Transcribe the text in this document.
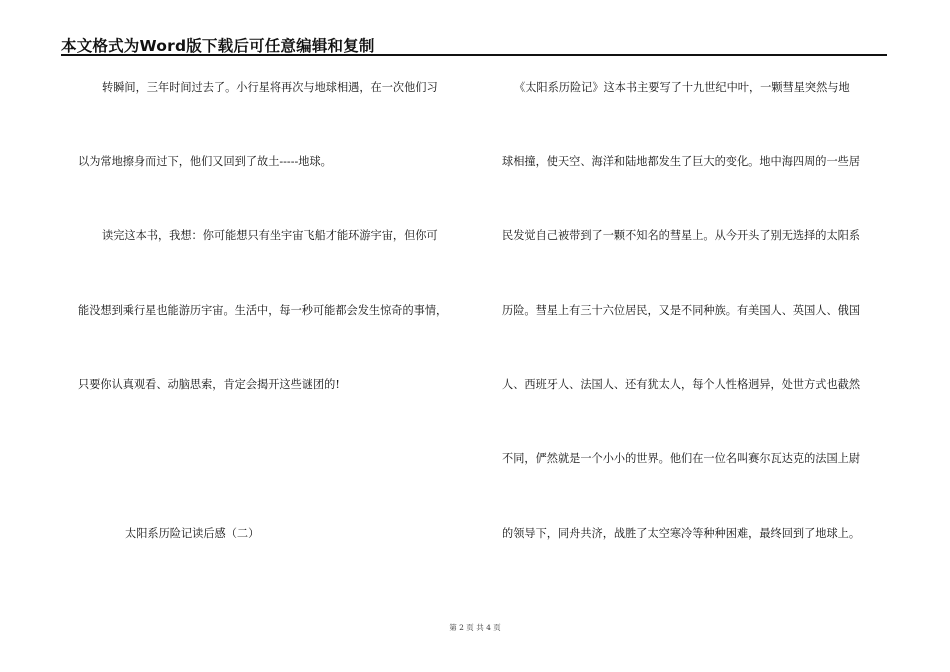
本文格式为Word版下载后可任意编辑和复制
转瞬间，三年时间过去了。小行星将再次与地球相遇，在一次他们习
以为常地擦身而过下，他们又回到了故土-----地球。
读完这本书，我想：你可能想只有坐宇宙飞船才能环游宇宙，但你可
能没想到乘行星也能游历宇宙。生活中，每一秒可能都会发生惊奇的事情，
只要你认真观看、动脑思索，肯定会揭开这些谜团的!
太阳系历险记读后感（二）
《太阳系历险记》这本书主要写了十九世纪中叶，一颗彗星突然与地
球相撞，使天空、海洋和陆地都发生了巨大的变化。地中海四周的一些居
民发觉自己被带到了一颗不知名的彗星上。从今开头了别无选择的太阳系
历险。彗星上有三十六位居民，又是不同种族。有美国人、英国人、俄国
人、西班牙人、法国人、还有犹太人，每个人性格迥异，处世方式也截然
不同，俨然就是一个小小的世界。他们在一位名叫赛尔瓦达克的法国上尉
的领导下，同舟共济，战胜了太空寒冷等种种困难，最终回到了地球上。
第 2 页 共 4 页
